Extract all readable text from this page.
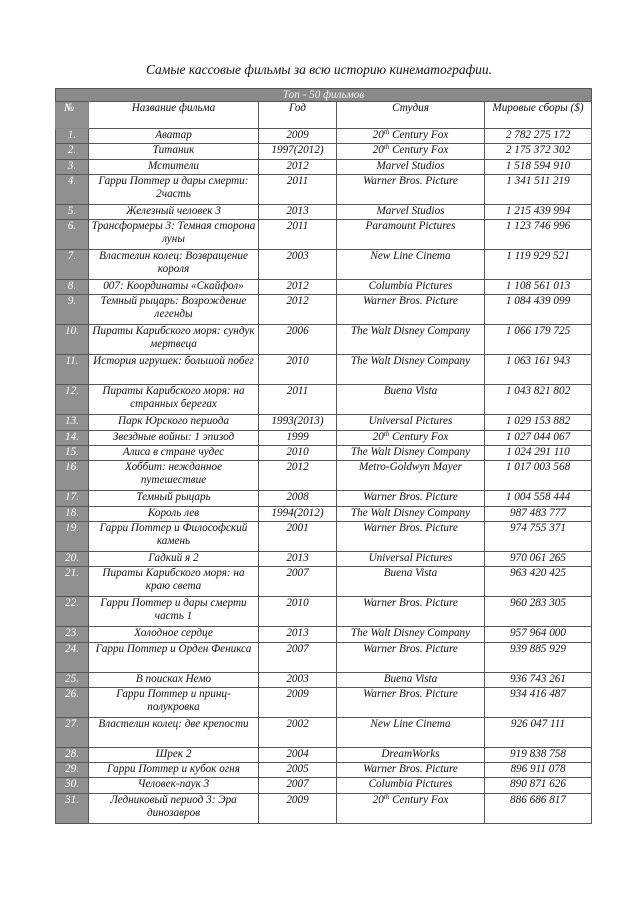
Самые кассовые фильмы за всю историю кинематографии.
Топ - 50 фильмов				
№	Название фильма	Год	Студия	Мировые сборы ($)
1.	Аватар	2009	20th Century Fox	2 782 275 172
2.	Титаник	1997(2012)	20th Century Fox	2 175 372 302
3.	Мстители	2012	Marvel Studios	1 518 594 910
4.	Гарри Поттер и дары смерти: 2часть	2011	Warner Bros. Picture	1 341 511 219
5.	Железный человек 3	2013	Marvel Studios	1 215 439 994
6.	Трансформеры 3: Темная сторона луны	2011	Paramount Pictures	1 123 746 996
7.	Властелин колец: Возвращение короля	2003	New Line Cinema	1 119 929 521
8.	007: Координаты «Скайфол»	2012	Columbia Pictures	1 108 561 013
9.	Темный рыцарь: Возрождение легенды	2012	Warner Bros. Picture	1 084 439 099
10.	Пираты Карибского моря: сундук мертвеца	2006	The Walt Disney Company	1 066 179 725
11.	История игрушек: большой побег	2010	The Walt Disney Company	1 063 161 943
12.	Пираты Карибского моря: на странных берегах	2011	Buena Vista	1 043 821 802
13.	Парк Юрского периода	1993(2013)	Universal Pictures	1 029 153 882
14.	Звездные войны: 1 эпизод	1999	20th Century Fox	1 027 044 067
15.	Алиса в стране чудес	2010	The Walt Disney Company	1 024 291 110
16.	Хоббит: нежданное путешествие	2012	Metro-Goldwyn Mayer	1 017 003 568
17.	Темный рыцарь	2008	Warner Bros. Picture	1 004 558 444
18.	Король лев	1994(2012)	The Walt Disney Company	987 483 777
19.	Гарри Поттер и Философский камень	2001	Warner Bros. Picture	974 755 371
20.	Гадкий я 2	2013	Universal Pictures	970 061 265
21.	Пираты Карибского моря: на краю света	2007	Buena Vista	963 420 425
22.	Гарри Поттер и дары смерти часть 1	2010	Warner Bros. Picture	960 283 305
23.	Холодное сердце	2013	The Walt Disney Company	957 964 000
24.	Гарри Поттер и Орден Феникса	2007	Warner Bros. Picture	939 885 929
25.	В поисках Немо	2003	Buena Vista	936 743 261
26.	Гарри Поттер и принц-полукровка	2009	Warner Bros. Picture	934 416 487
27.	Властелин колец: две крепости	2002	New Line Cinema	926 047 111
28.	Шрек 2	2004	DreamWorks	919 838 758
29.	Гарри Поттер и кубок огня	2005	Warner Bros. Picture	896 911 078
30.	Человек-паук 3	2007	Columbia Pictures	890 871 626
31.	Ледниковый период 3: Эра динозавров	2009	20th Century Fox	886 686 817
